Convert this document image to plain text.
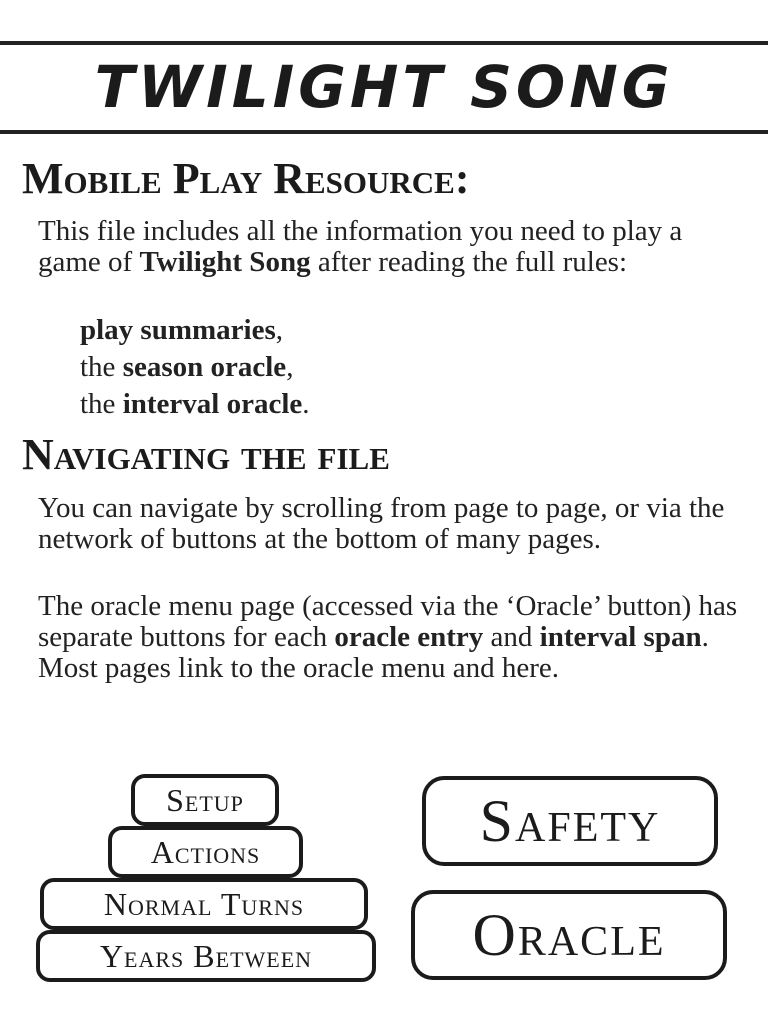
TWILIGHT SONG
Mobile Play Resource:

This file includes all the information you need to play a game of Twilight Song after reading the full rules:

play summaries,
the season oracle,
the interval oracle.
Navigating the file

You can navigate by scrolling from page to page, or via the network of buttons at the bottom of many pages.

The oracle menu page (accessed via the ‘Oracle’ button) has separate buttons for each oracle entry and interval span. Most pages link to the oracle menu and here.

Setup
Actions
Normal Turns
Years Between
Safety
Oracle
